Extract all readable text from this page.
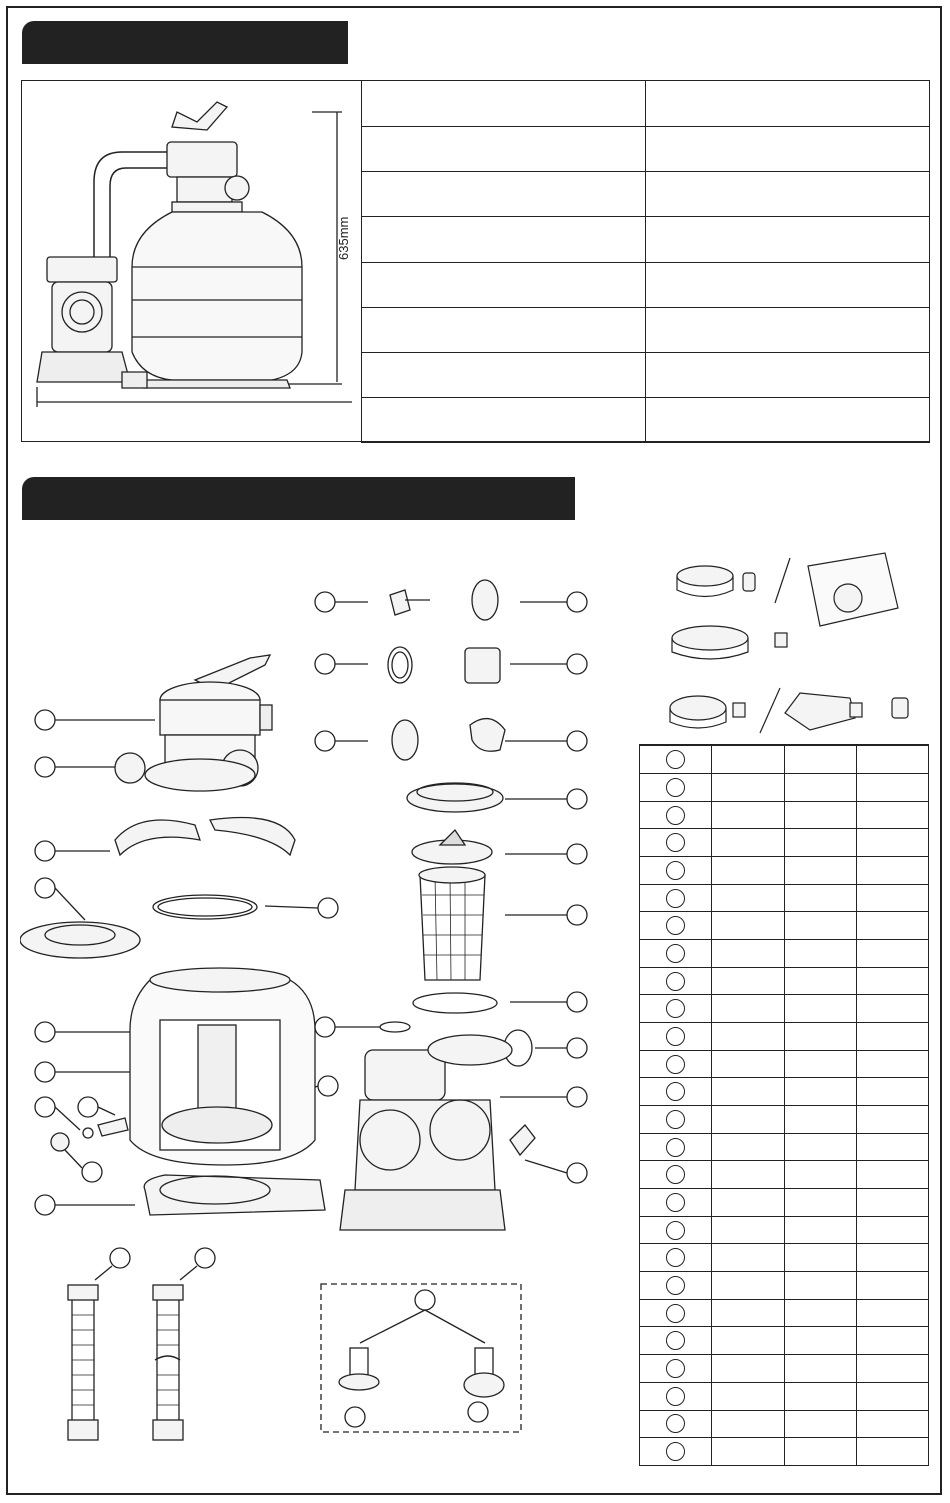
635mm
